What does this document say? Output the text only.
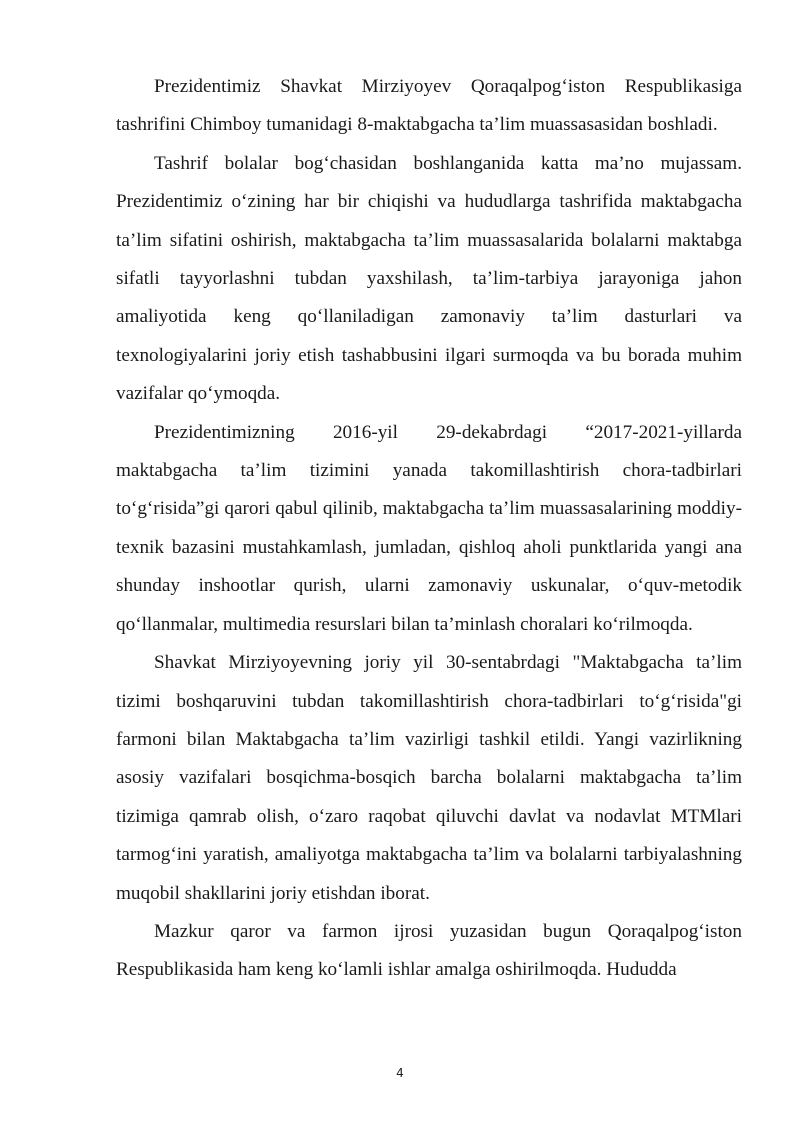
Prezidentimiz Shavkat Mirziyoyev Qoraqalpog‘iston Respublikasiga tashrifini Chimboy tumanidagi 8-maktabgacha ta’lim muassasasidan boshladi.

Tashrif bolalar bog‘chasidan boshlanganida katta ma’no mujassam. Prezidentimiz o‘zining har bir chiqishi va hududlarga tashrifida maktabgacha ta’lim sifatini oshirish, maktabgacha ta’lim muassasalarida bolalarni maktabga sifatli tayyorlashni tubdan yaxshilash, ta’lim-tarbiya jarayoniga jahon amaliyotida keng qo‘llaniladigan zamonaviy ta’lim dasturlari va texnologiyalarini joriy etish tashabbusini ilgari surmoqda va bu borada muhim vazifalar qo‘ymoqda.

Prezidentimizning 2016-yil 29-dekabrdagi “2017-2021-yillarda maktabgacha ta’lim tizimini yanada takomillashtirish chora-tadbirlari to‘g‘risida”gi qarori qabul qilinib, maktabgacha ta’lim muassasalarining moddiy-texnik bazasini mustahkamlash, jumladan, qishloq aholi punktlarida yangi ana shunday inshootlar qurish, ularni zamonaviy uskunalar, o‘quv-metodik qo‘llanmalar, multimedia resurslari bilan ta’minlash choralari ko‘rilmoqda.

Shavkat Mirziyoyevning joriy yil 30-sentabrdagi "Maktabgacha ta’lim tizimi boshqaruvini tubdan takomillashtirish chora-tadbirlari to‘g‘risida"gi farmoni bilan Maktabgacha ta’lim vazirligi tashkil etildi. Yangi vazirlikning asosiy vazifalari bosqichma-bosqich barcha bolalarni maktabgacha ta’lim tizimiga qamrab olish, o‘zaro raqobat qiluvchi davlat va nodavlat MTMlari tarmog‘ini yaratish, amaliyotga maktabgacha ta’lim va bolalarni tarbiyalashning muqobil shakllarini joriy etishdan iborat.

Mazkur qaror va farmon ijrosi yuzasidan bugun Qoraqalpog‘iston Respublikasida ham keng ko‘lamli ishlar amalga oshirilmoqda. Hududda

4
